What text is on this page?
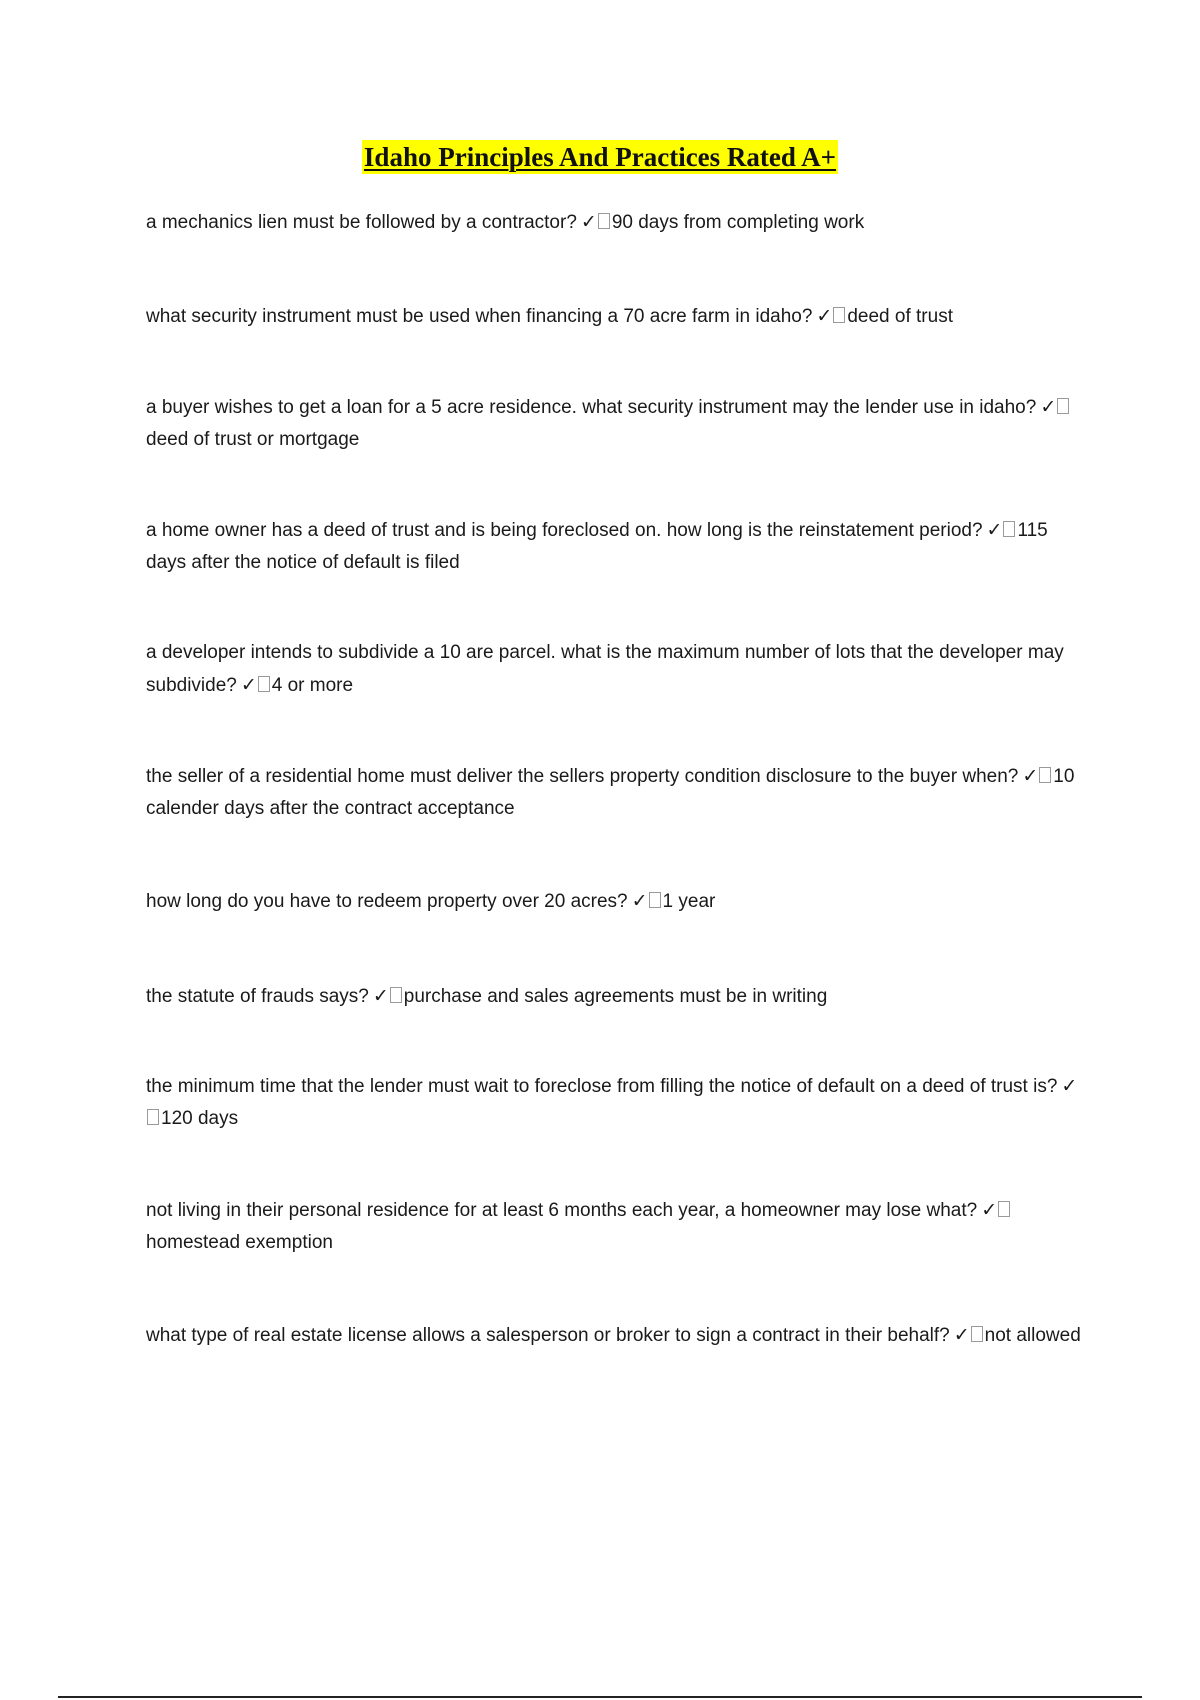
Idaho Principles And Practices Rated A+

a mechanics lien must be followed by a contractor? ✓ 90 days from completing work

what security instrument must be used when financing a 70 acre farm in idaho? ✓ deed of trust

a buyer wishes to get a loan for a 5 acre residence. what security instrument may the lender use in idaho? ✓deed of trust or mortgage

a home owner has a deed of trust and is being foreclosed on. how long is the reinstatement period? ✓ 115 days after the notice of default is filed

a developer intends to subdivide a 10 are parcel. what is the maximum number of lots that the developer may subdivide? ✓ 4 or more

the seller of a residential home must deliver the sellers property condition disclosure to the buyer when? ✓ 10 calender days after the contract acceptance

how long do you have to redeem property over 20 acres? ✓ 1 year

the statute of frauds says? ✓ purchase and sales agreements must be in writing

the minimum time that the lender must wait to foreclose from filling the notice of default on a deed of trust is? ✓120 days

not living in their personal residence for at least 6 months each year, a homeowner may lose what? ✓homestead exemption

what type of real estate license allows a salesperson or broker to sign a contract in their behalf? ✓ not allowed
